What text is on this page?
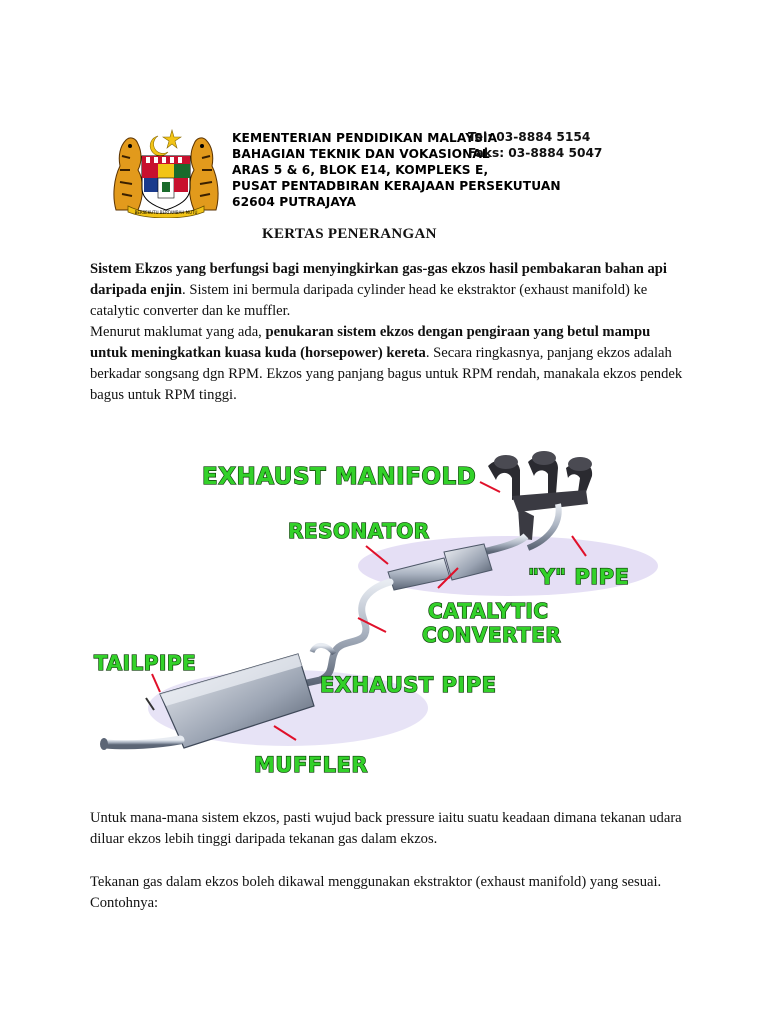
BERSEKUTU BERTAMBAH MUTU
KEMENTERIAN PENDIDIKAN MALAYSIA
BAHAGIAN TEKNIK DAN VOKASIONAL
ARAS 5 & 6, BLOK E14, KOMPLEKS E,
PUSAT PENTADBIRAN KERAJAAN PERSEKUTUAN
62604 PUTRAJAYA
Tel: 03-8884 5154
Faks: 03-8884 5047
KERTAS PENERANGAN
Sistem Ekzos yang berfungsi bagi menyingkirkan gas-gas ekzos hasil pembakaran bahan api daripada enjin. Sistem ini bermula daripada cylinder head ke ekstraktor (exhaust manifold) ke catalytic converter dan ke muffler.
Menurut maklumat yang ada, penukaran sistem ekzos dengan pengiraan yang betul mampu untuk meningkatkan kuasa kuda (horsepower) kereta. Secara ringkasnya, panjang ekzos adalah berkadar songsang dgn RPM. Ekzos yang panjang bagus untuk RPM rendah, manakala ekzos pendek bagus untuk RPM tinggi.
EXHAUST MANIFOLD
RESONATOR
"Y" PIPE
CATALYTIC
CONVERTER
TAILPIPE
EXHAUST PIPE
MUFFLER
Untuk mana-mana sistem ekzos, pasti wujud back pressure iaitu suatu keadaan dimana tekanan udara diluar ekzos lebih tinggi daripada tekanan gas dalam ekzos.
Tekanan gas dalam ekzos boleh dikawal menggunakan ekstraktor (exhaust manifold) yang sesuai. Contohnya:
